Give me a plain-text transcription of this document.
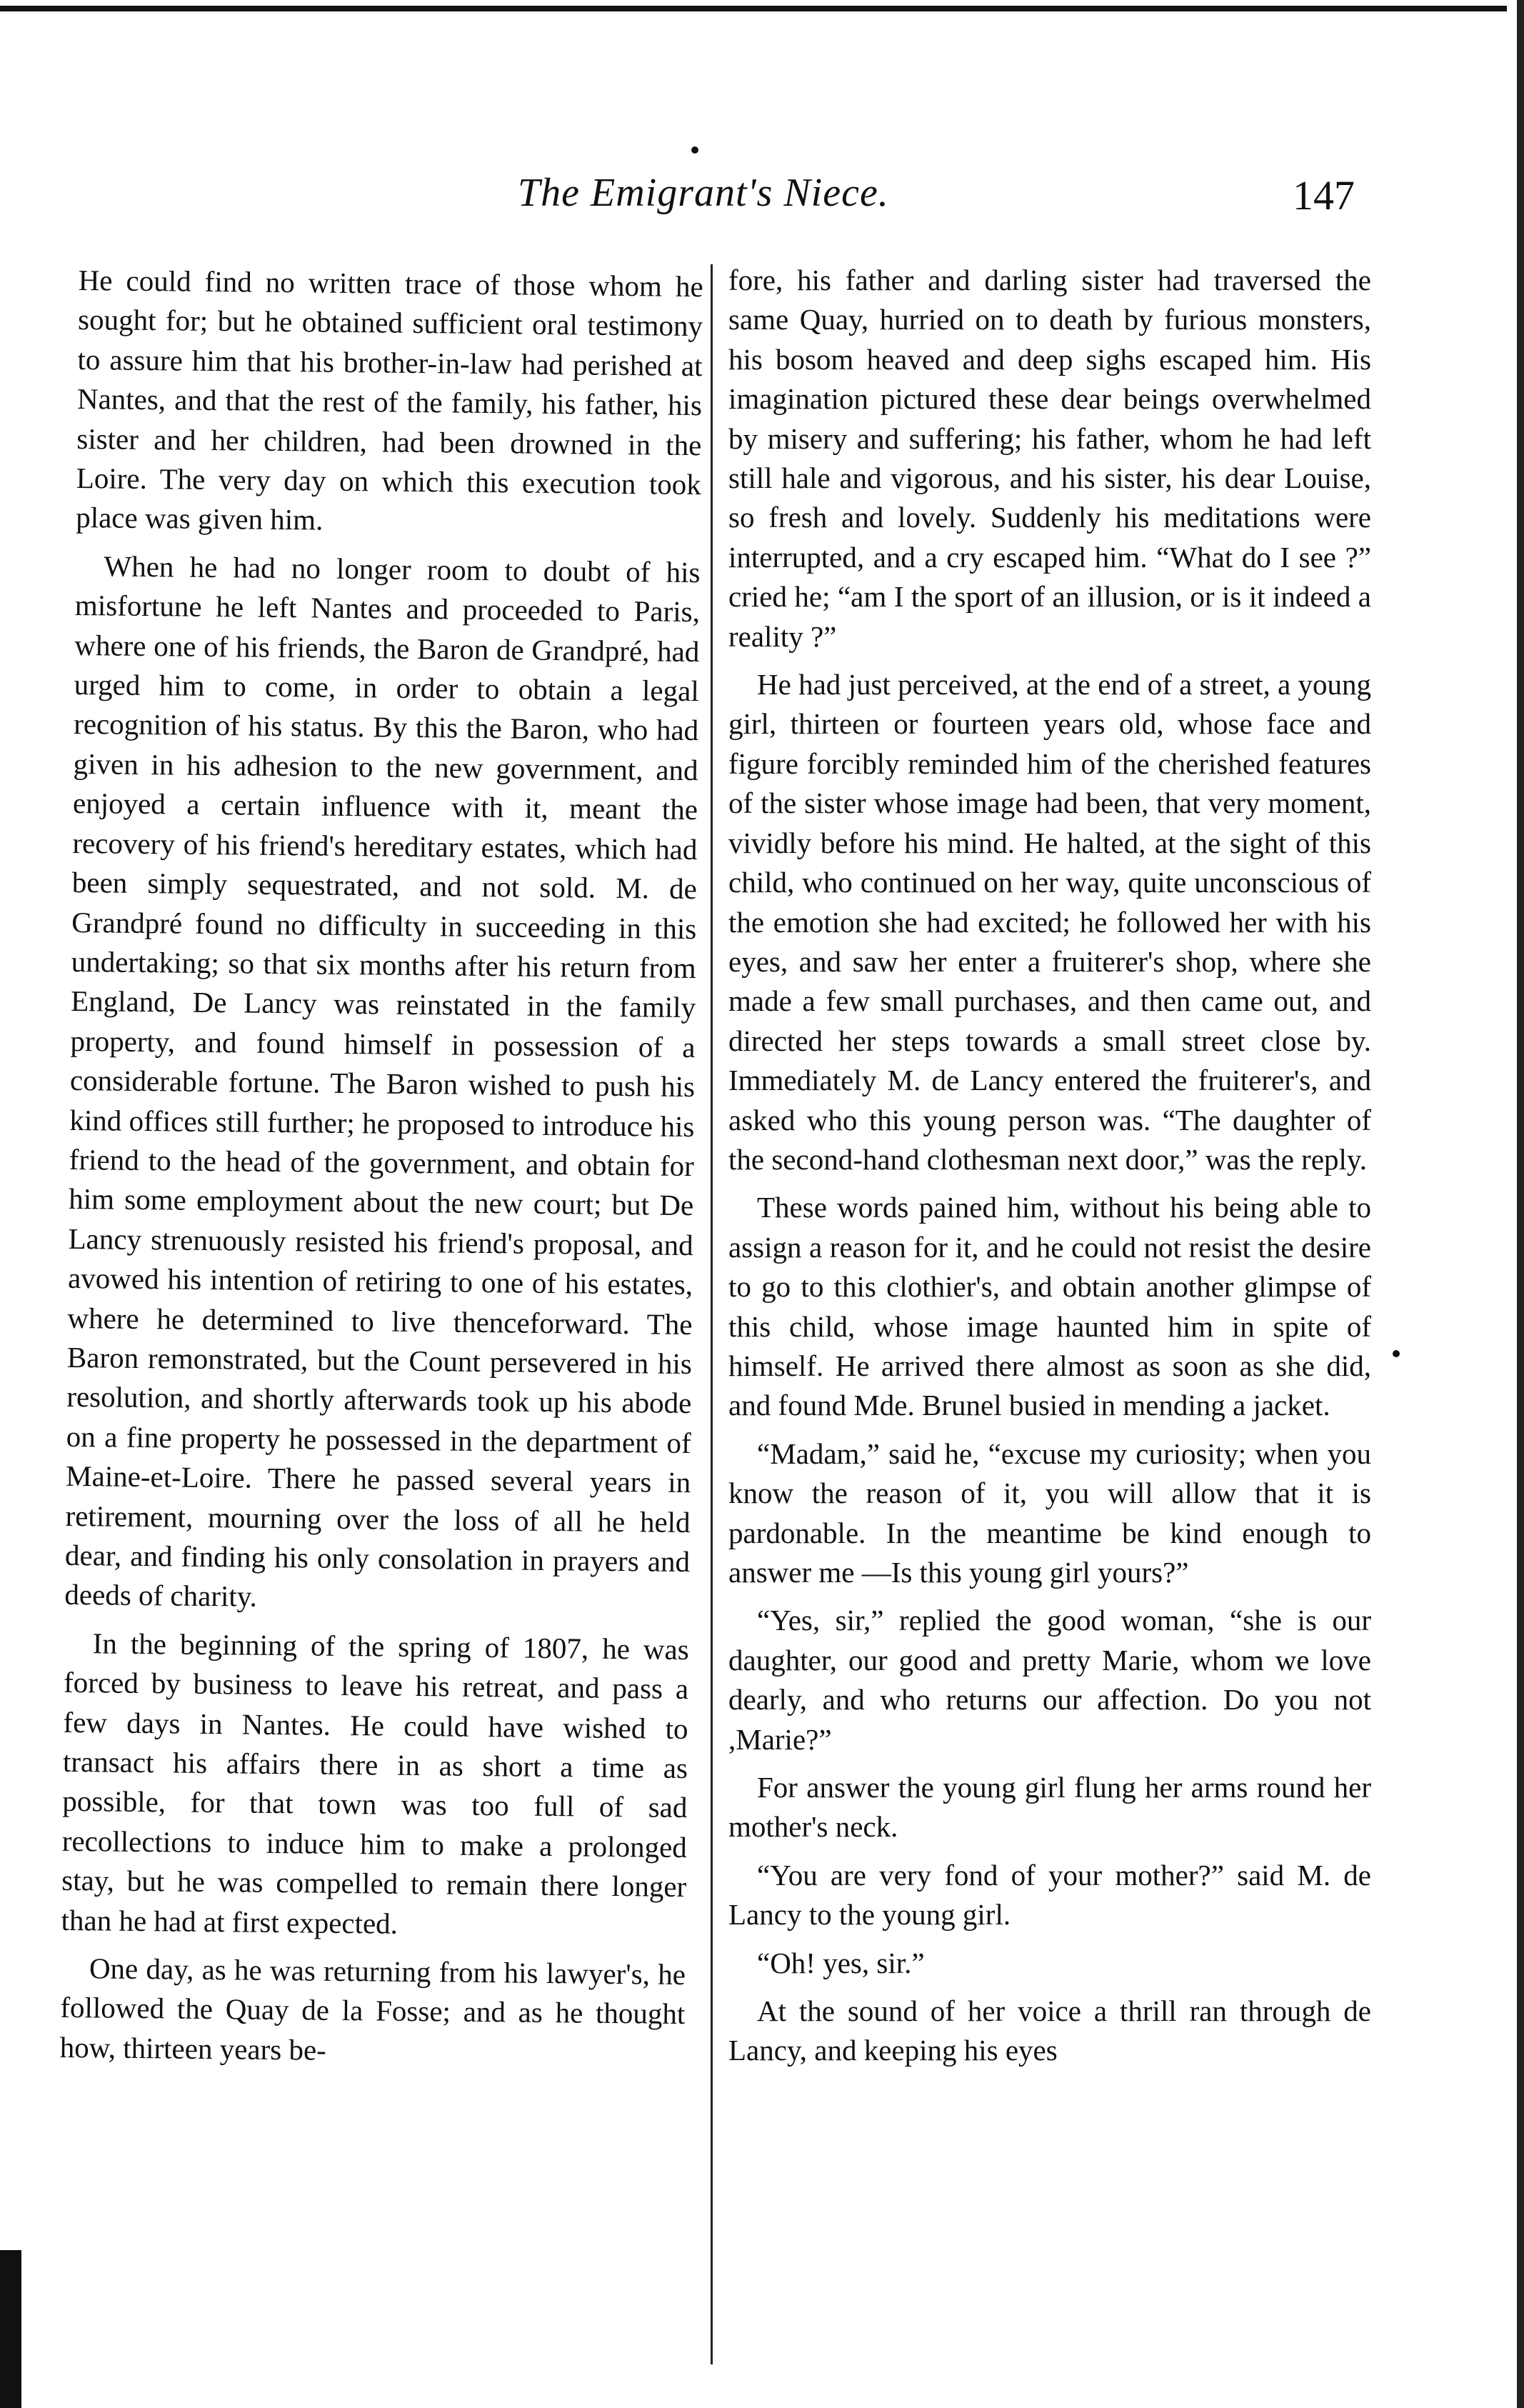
The Emigrant's Niece.	147

He could find no written trace of those whom he sought for; but he obtained sufficient oral testimony to assure him that his brother-in-law had perished at Nantes, and that the rest of the family, his father, his sister and her children, had been drowned in the Loire. The very day on which this execution took place was given him.

When he had no longer room to doubt of his misfortune he left Nantes and proceeded to Paris, where one of his friends, the Baron de Grandpré, had urged him to come, in order to obtain a legal recognition of his status. By this the Baron, who had given in his adhesion to the new government, and enjoyed a certain influence with it, meant the recovery of his friend's hereditary estates, which had been simply sequestrated, and not sold. M. de Grandpré found no difficulty in succeeding in this undertaking; so that six months after his return from England, De Lancy was reinstated in the family property, and found himself in possession of a considerable fortune. The Baron wished to push his kind offices still further; he proposed to introduce his friend to the head of the government, and obtain for him some employment about the new court; but De Lancy strenuously resisted his friend's proposal, and avowed his intention of retiring to one of his estates, where he determined to live thenceforward. The Baron remonstrated, but the Count persevered in his resolution, and shortly afterwards took up his abode on a fine property he possessed in the department of Maine-et-Loire. There he passed several years in retirement, mourning over the loss of all he held dear, and finding his only consolation in prayers and deeds of charity.

In the beginning of the spring of 1807, he was forced by business to leave his retreat, and pass a few days in Nantes. He could have wished to transact his affairs there in as short a time as possible, for that town was too full of sad recollections to induce him to make a prolonged stay, but he was compelled to remain there longer than he had at first expected.

One day, as he was returning from his lawyer's, he followed the Quay de la Fosse; and as he thought how, thirteen years be-

fore, his father and darling sister had traversed the same Quay, hurried on to death by furious monsters, his bosom heaved and deep sighs escaped him. His imagination pictured these dear beings overwhelmed by misery and suffering; his father, whom he had left still hale and vigorous, and his sister, his dear Louise, so fresh and lovely. Suddenly his meditations were interrupted, and a cry escaped him. “What do I see ?” cried he; “am I the sport of an illusion, or is it indeed a reality ?”

He had just perceived, at the end of a street, a young girl, thirteen or fourteen years old, whose face and figure forcibly reminded him of the cherished features of the sister whose image had been, that very moment, vividly before his mind. He halted, at the sight of this child, who continued on her way, quite unconscious of the emotion she had excited; he followed her with his eyes, and saw her enter a fruiterer's shop, where she made a few small purchases, and then came out, and directed her steps towards a small street close by. Immediately M. de Lancy entered the fruiterer's, and asked who this young person was. “The daughter of the second-hand clothesman next door,” was the reply.

These words pained him, without his being able to assign a reason for it, and he could not resist the desire to go to this clothier's, and obtain another glimpse of this child, whose image haunted him in spite of himself. He arrived there almost as soon as she did, and found Mde. Brunel busied in mending a jacket.

“Madam,” said he, “excuse my curiosity; when you know the reason of it, you will allow that it is pardonable. In the meantime be kind enough to answer me —Is this young girl yours?”

“Yes, sir,” replied the good woman, “she is our daughter, our good and pretty Marie, whom we love dearly, and who returns our affection. Do you not ,Marie?”

For answer the young girl flung her arms round her mother's neck.

“You are very fond of your mother?” said M. de Lancy to the young girl.

“Oh! yes, sir.”

At the sound of her voice a thrill ran through de Lancy, and keeping his eyes
